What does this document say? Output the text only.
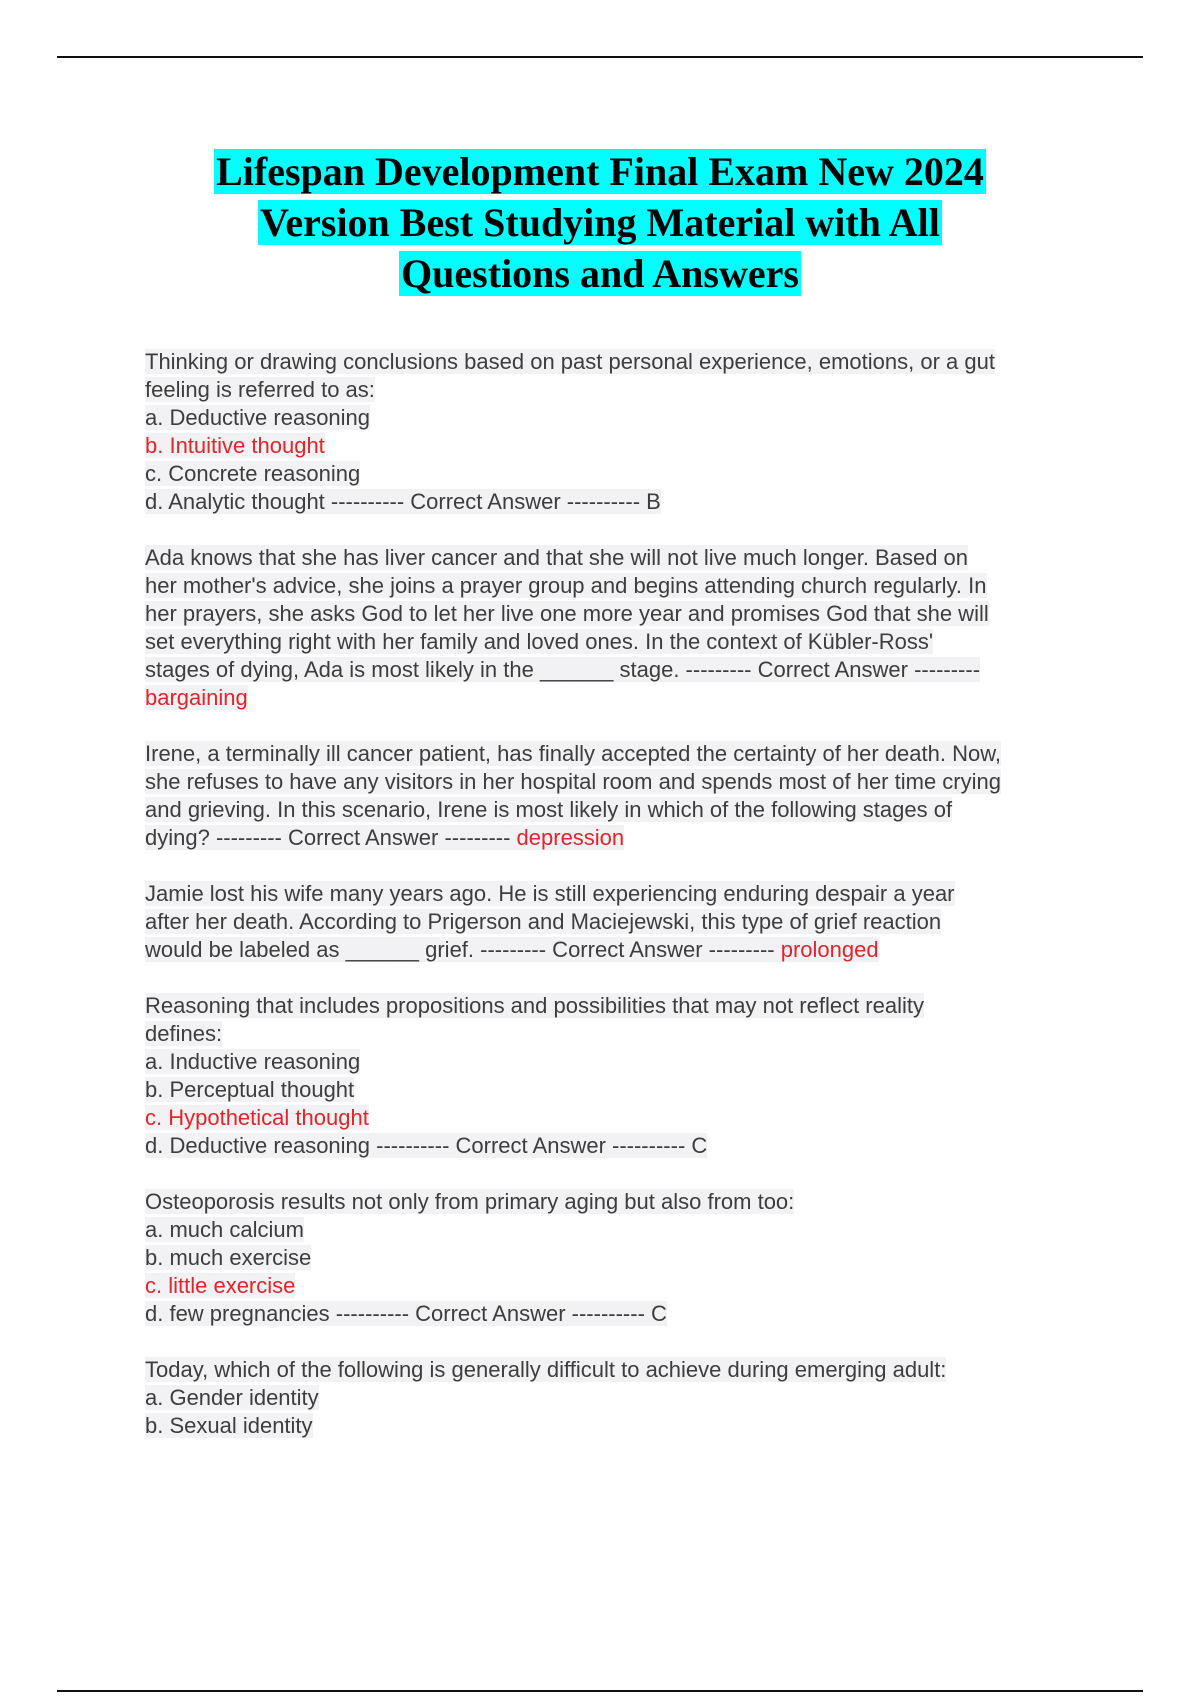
Lifespan Development Final Exam New 2024
Version Best Studying Material with All
Questions and Answers
Thinking or drawing conclusions based on past personal experience, emotions, or a gut
feeling is referred to as:
a. Deductive reasoning
b. Intuitive thought
c. Concrete reasoning
d. Analytic thought ---------- Correct Answer ---------- B
Ada knows that she has liver cancer and that she will not live much longer. Based on
her mother's advice, she joins a prayer group and begins attending church regularly. In
her prayers, she asks God to let her live one more year and promises God that she will
set everything right with her family and loved ones. In the context of Kübler-Ross'
stages of dying, Ada is most likely in the ______ stage. --------- Correct Answer ---------
bargaining
Irene, a terminally ill cancer patient, has finally accepted the certainty of her death. Now,
she refuses to have any visitors in her hospital room and spends most of her time crying
and grieving. In this scenario, Irene is most likely in which of the following stages of
dying? --------- Correct Answer --------- depression
Jamie lost his wife many years ago. He is still experiencing enduring despair a year
after her death. According to Prigerson and Maciejewski, this type of grief reaction
would be labeled as ______ grief. --------- Correct Answer --------- prolonged
Reasoning that includes propositions and possibilities that may not reflect reality
defines:
a. Inductive reasoning
b. Perceptual thought
c. Hypothetical thought
d. Deductive reasoning ---------- Correct Answer ---------- C
Osteoporosis results not only from primary aging but also from too:
a. much calcium
b. much exercise
c. little exercise
d. few pregnancies ---------- Correct Answer ---------- C
Today, which of the following is generally difficult to achieve during emerging adult:
a. Gender identity
b. Sexual identity
